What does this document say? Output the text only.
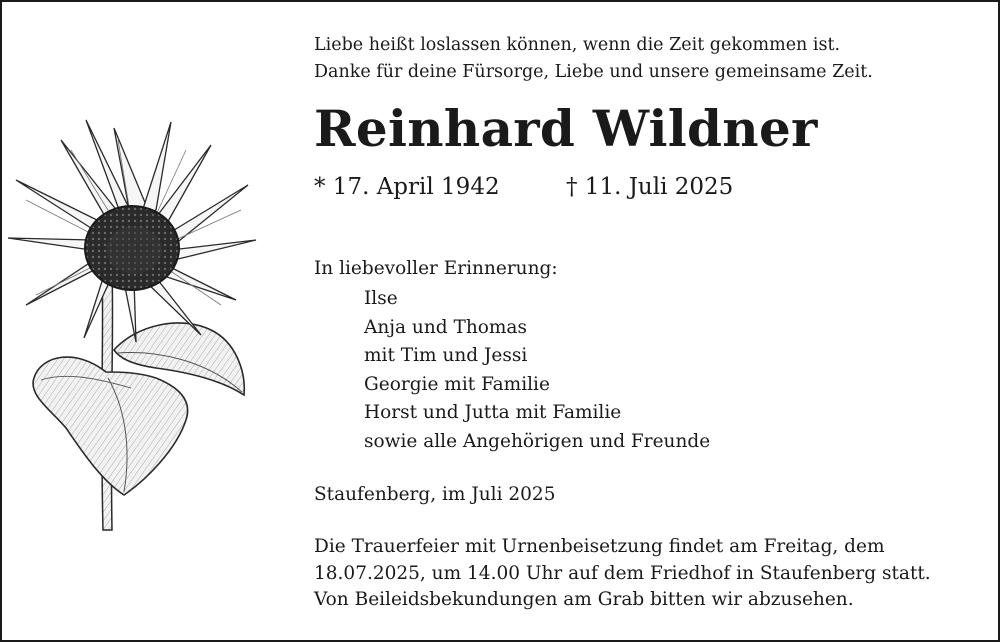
Liebe heißt loslassen können, wenn die Zeit gekommen ist.
Danke für deine Fürsorge, Liebe und unsere gemeinsame Zeit.
Reinhard Wildner
* 17. April 1942	† 11. Juli 2025
In liebevoller Erinnerung:
Ilse
Anja und Thomas
mit Tim und Jessi
Georgie mit Familie
Horst und Jutta mit Familie
sowie alle Angehörigen und Freunde
Staufenberg, im Juli 2025
Die Trauerfeier mit Urnenbeisetzung findet am Freitag, dem
18.07.2025, um 14.00 Uhr auf dem Friedhof in Staufenberg statt.
Von Beileidsbekundungen am Grab bitten wir abzusehen.
